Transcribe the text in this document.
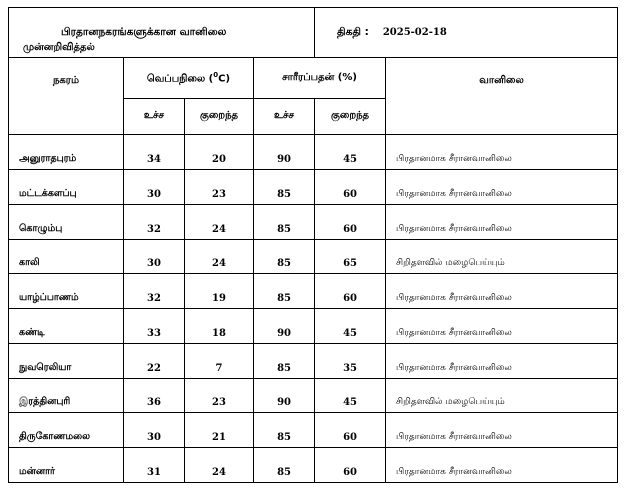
பிரதானநகரங்களுக்கான வானிலை
முன்னறிவித்தல்				திகதி : 2025-02-18	

நகரம்	வெப்பநிலை ($^0$C)		சாரீரப்பதன் (%)		வானிலை

	உச்ச	குறைந்த	உச்ச	குறைந்த	
அனுராதபுரம்	34	20	90	45	பிரதானமாக சீரானவானிலை
மட்டக்களப்பு	30	23	85	60	பிரதானமாக சீரானவானிலை
கொழும்பு	32	24	85	60	பிரதானமாக சீரானவானிலை
காலி	30	24	85	65	சிறிதளவில் மழைபெய்யும்
யாழ்ப்பாணம்	32	19	85	60	பிரதானமாக சீரானவானிலை
கண்டி	33	18	90	45	பிரதானமாக சீரானவானிலை
நுவரெலியா	22	7	85	35	பிரதானமாக சீரானவானிலை
இரத்தினபுரி	36	23	90	45	சிறிதளவில் மழைபெய்யும்
திருகோணமலை	30	21	85	60	பிரதானமாக சீரானவானிலை
மன்னார்	31	24	85	60	பிரதானமாக சீரானவானிலை
